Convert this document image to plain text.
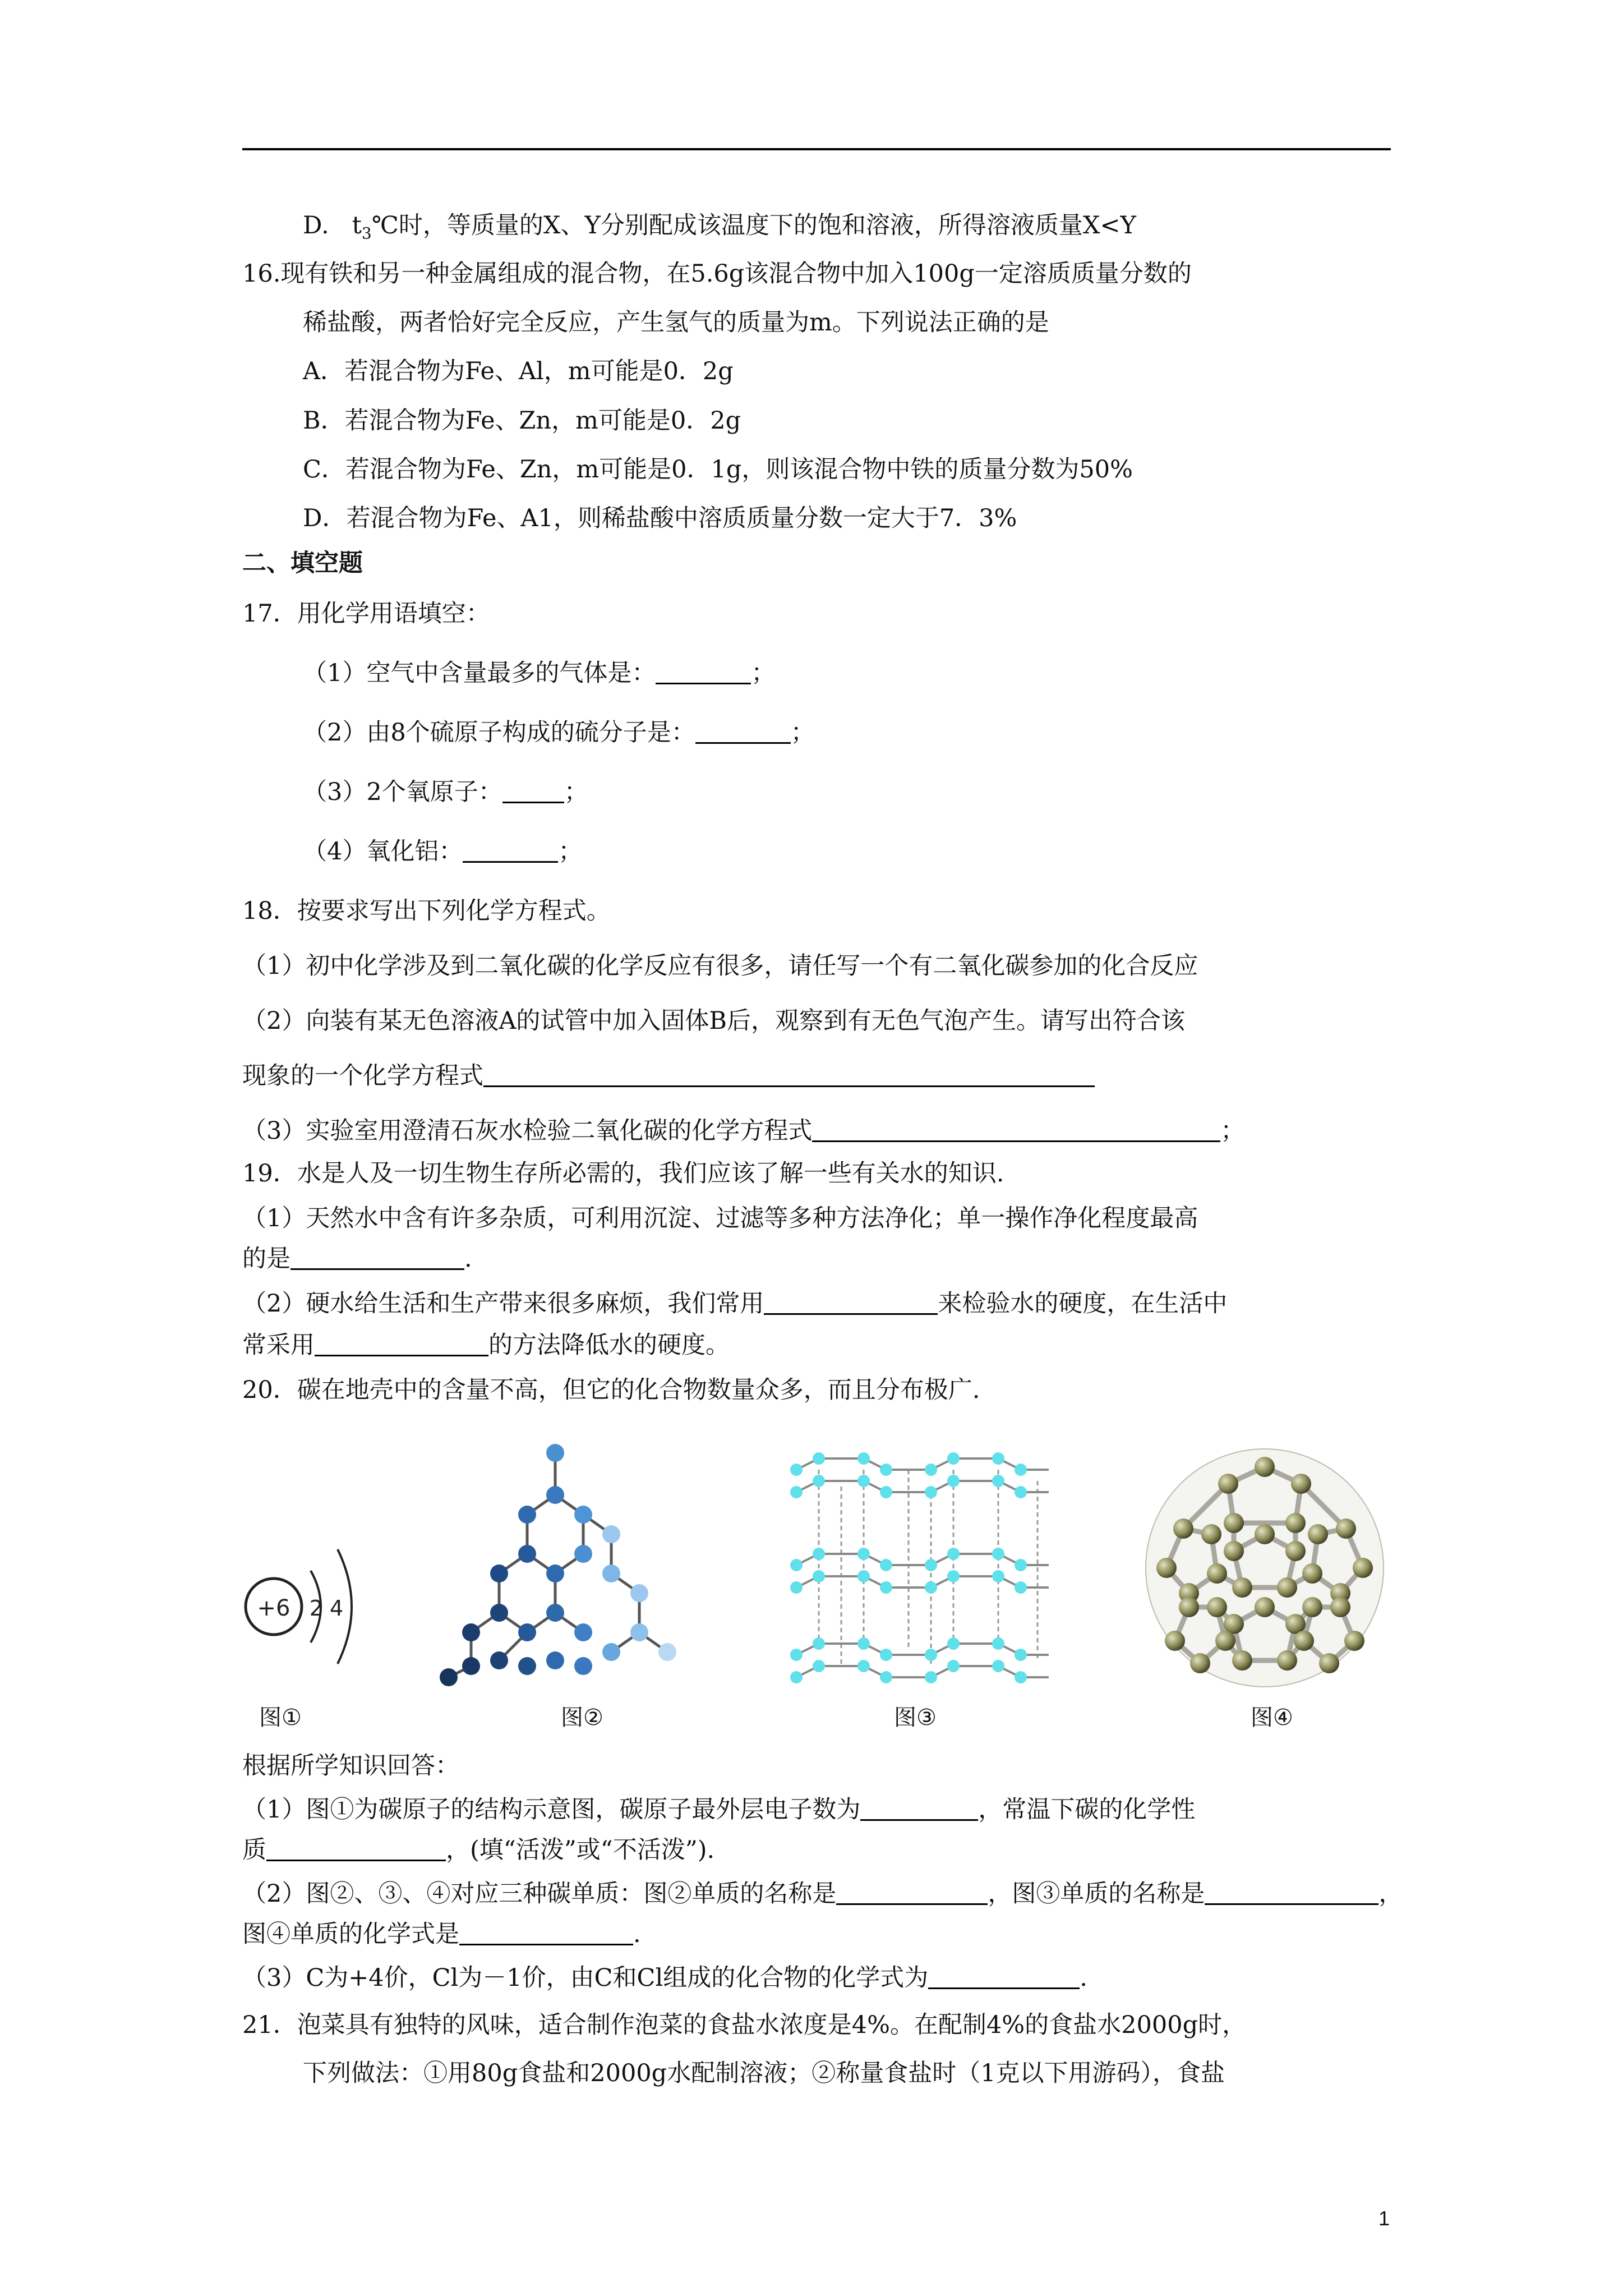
D.   $t_3℃$时，等质量的X、Y分别配成该温度下的饱和溶液，所得溶液质量X<Y
16.现有铁和另一种金属组成的混合物，在5.6g该混合物中加入100g一定溶质质量分数的
稀盐酸，两者恰好完全反应，产生氢气的质量为m。下列说法正确的是
A．若混合物为Fe、Al，m可能是0．2g
B．若混合物为Fe、Zn，m可能是0．2g
C．若混合物为Fe、Zn，m可能是0．1g，则该混合物中铁的质量分数为50%
D．若混合物为Fe、A1，则稀盐酸中溶质质量分数一定大于7．3%
二、填空题
17．用化学用语填空：
（1）空气中含量最多的气体是：	；
（2）由8个硫原子构成的硫分子是：	；
（3）2个氧原子：	；
（4）氧化铝：	；
18．按要求写出下列化学方程式。
（1）初中化学涉及到二氧化碳的化学反应有很多，请任写一个有二氧化碳参加的化合反应
（2）向装有某无色溶液A的试管中加入固体B后，观察到有无色气泡产生。请写出符合该
现象的一个化学方程式
（3）实验室用澄清石灰水检验二氧化碳的化学方程式	；
19．水是人及一切生物生存所必需的，我们应该了解一些有关水的知识.
（1）天然水中含有许多杂质，可利用沉淀、过滤等多种方法净化；单一操作净化程度最高
的是	.
（2）硬水给生活和生产带来很多麻烦，我们常用	来检验水的硬度，在生活中
常采用	的方法降低水的硬度。
20．碳在地壳中的含量不高，但它的化合物数量众多，而且分布极广.
+6 2 4
图①	图②	图③	图④
根据所学知识回答：
（1）图①为碳原子的结构示意图，碳原子最外层电子数为	，常温下碳的化学性
质	，(填“活泼”或“不活泼”).
（2）图②、③、④对应三种碳单质：图②单质的名称是	，图③单质的名称是	，
图④单质的化学式是	.
（3）C为+4价，Cl为－1价，由C和Cl组成的化合物的化学式为	.
21．泡菜具有独特的风味，适合制作泡菜的食盐水浓度是4%。在配制4%的食盐水2000g时，
下列做法：①用80g食盐和2000g水配制溶液；②称量食盐时（1克以下用游码），食盐
1
